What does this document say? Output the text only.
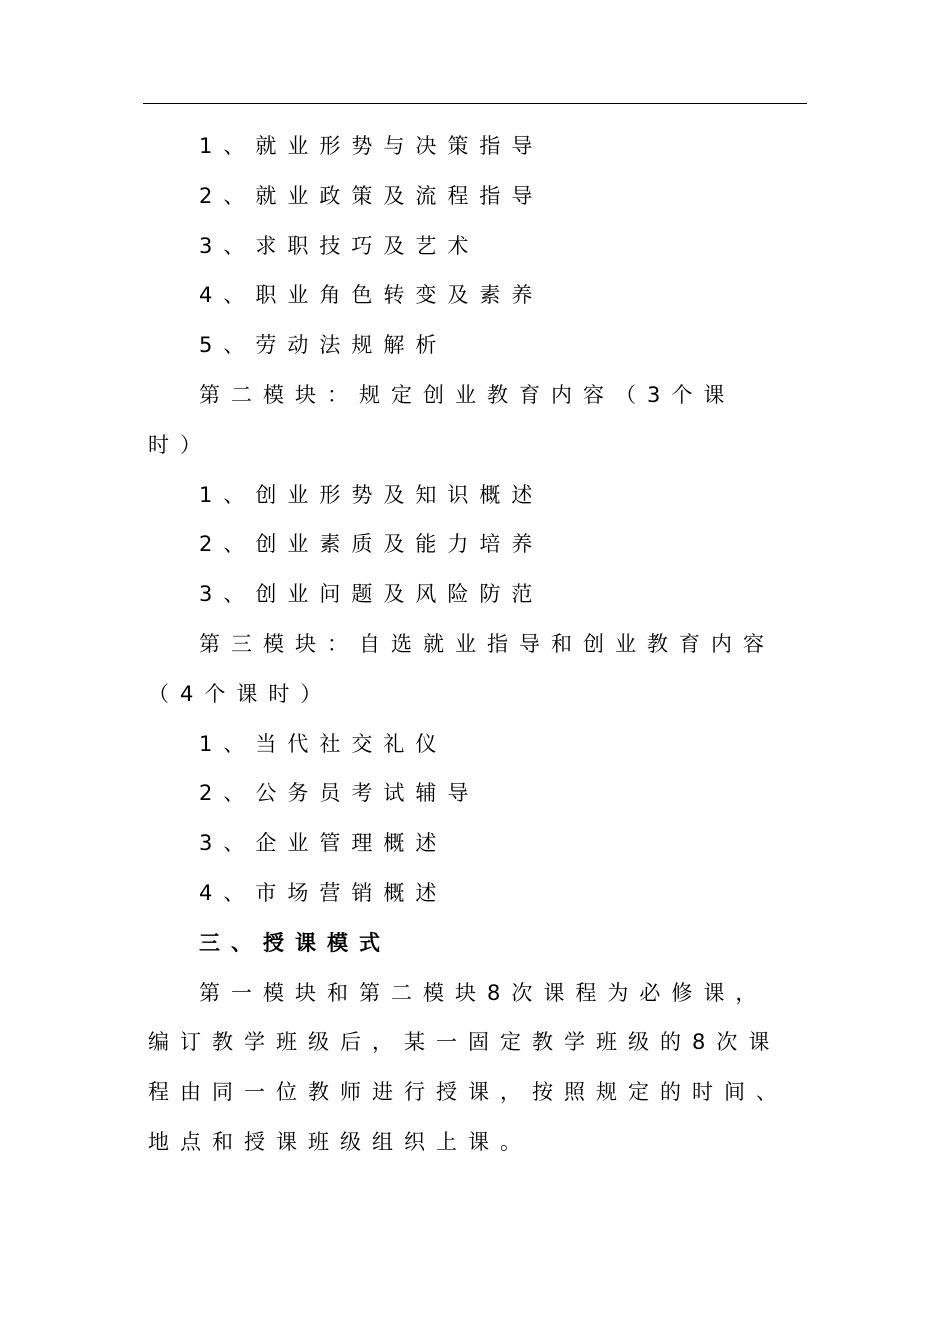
1、就业形势与决策指导
2、就业政策及流程指导
3、求职技巧及艺术
4、职业角色转变及素养
5、劳动法规解析
第二模块：规定创业教育内容（3个课
时）
1、创业形势及知识概述
2、创业素质及能力培养
3、创业问题及风险防范
第三模块：自选就业指导和创业教育内容
（4个课时）
1、当代社交礼仪
2、公务员考试辅导
3、企业管理概述
4、市场营销概述
三、授课模式
第一模块和第二模块8次课程为必修课，
编订教学班级后，某一固定教学班级的8次课
程由同一位教师进行授课，按照规定的时间、
地点和授课班级组织上课。
